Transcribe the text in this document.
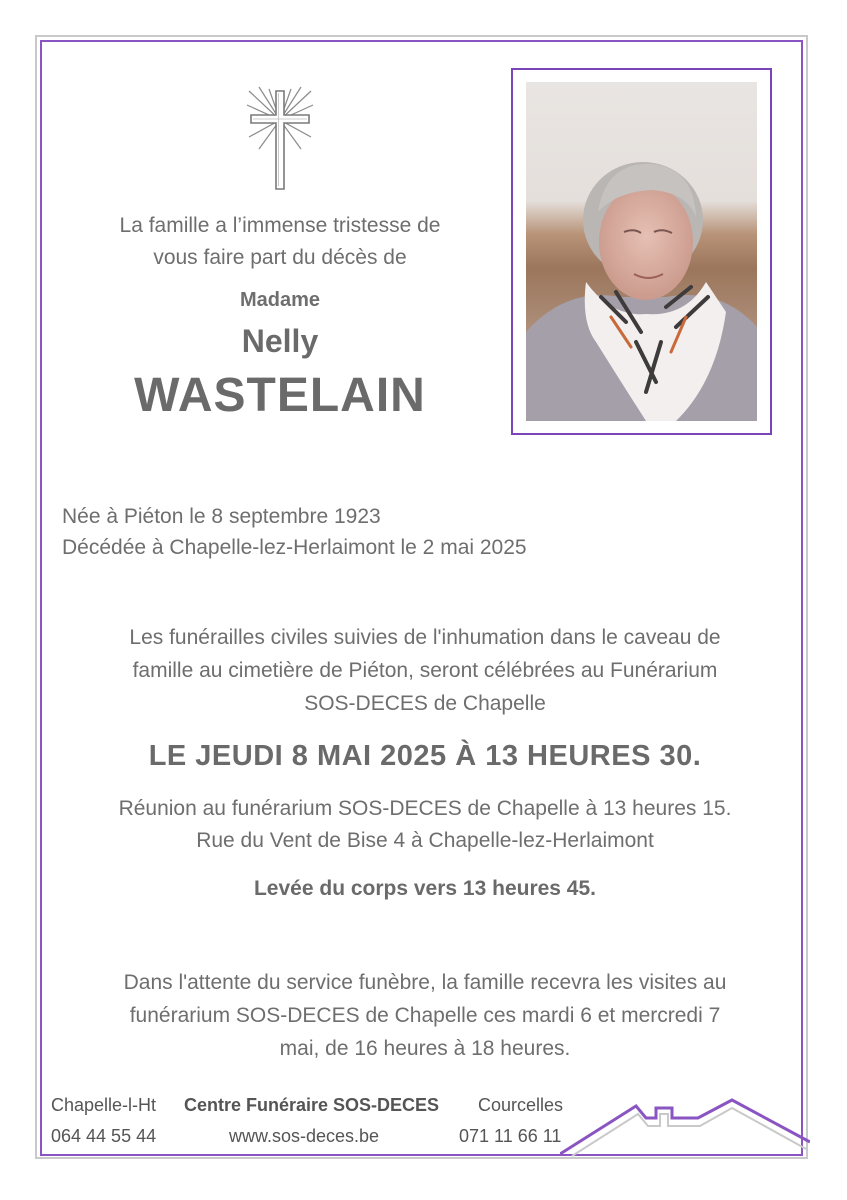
La famille a l’immense tristesse de
vous faire part du décès de
Madame
Nelly
WASTELAIN
Née à Piéton le 8 septembre 1923
Décédée à Chapelle-lez-Herlaimont le 2 mai 2025
Les funérailles civiles suivies de l'inhumation dans le caveau de
famille au cimetière de Piéton, seront célébrées au Funérarium
SOS-DECES de Chapelle
LE JEUDI 8 MAI 2025 À 13 HEURES 30.
Réunion au funérarium SOS-DECES de Chapelle à 13 heures 15.
Rue du Vent de Bise 4 à Chapelle-lez-Herlaimont
Levée du corps vers 13 heures 45.
Dans l'attente du service funèbre, la famille recevra les visites au
funérarium SOS-DECES de Chapelle ces mardi 6 et mercredi 7
mai, de 16 heures à 18 heures.
Chapelle-l-Ht Centre Funéraire SOS-DECES Courcelles
064 44 55 44	www.sos-deces.be	071 11 66 11
